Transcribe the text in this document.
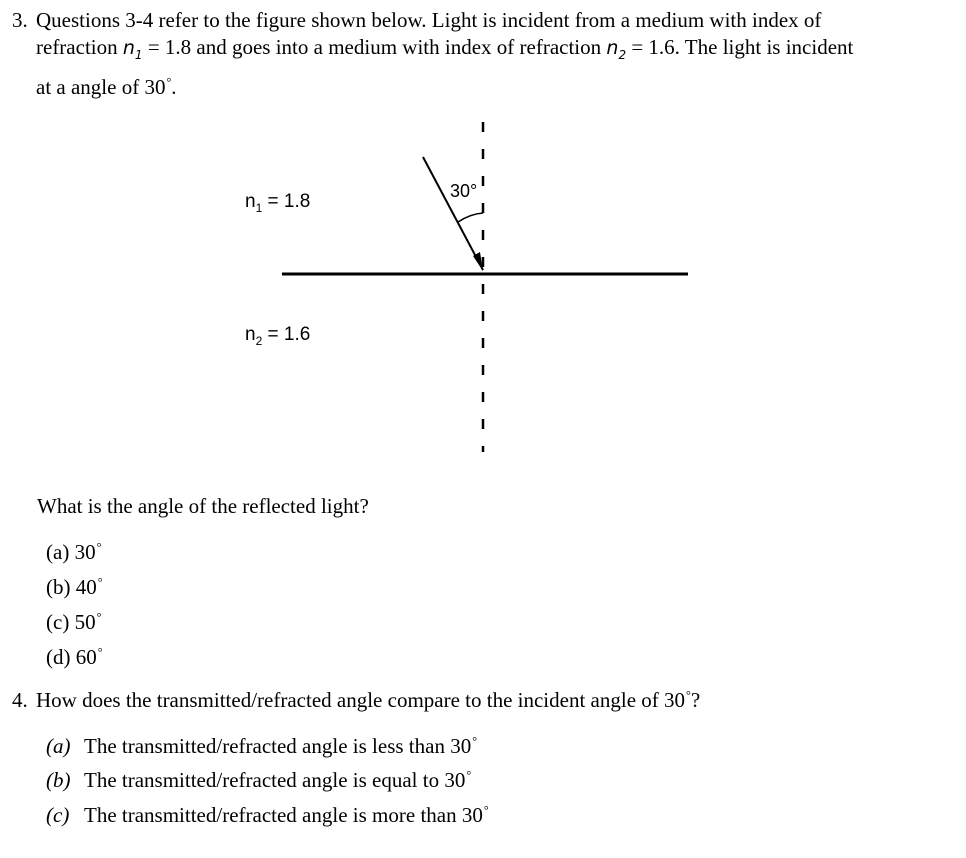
3. Questions 3-4 refer to the figure shown below. Light is incident from a medium with index of
refraction $n_1 = 1.8$ and goes into a medium with index of refraction $n_2 = 1.6$. The light is incident
at a angle of 30°.
30°
$n_1 = 1.8$
$n_2 = 1.6$
What is the angle of the reflected light?
(a) 30°
(b) 40°
(c) 50°
(d) 60°
4. How does the transmitted/refracted angle compare to the incident angle of 30°?
(a) The transmitted/refracted angle is less than 30°
(b) The transmitted/refracted angle is equal to 30°
(c) The transmitted/refracted angle is more than 30°
